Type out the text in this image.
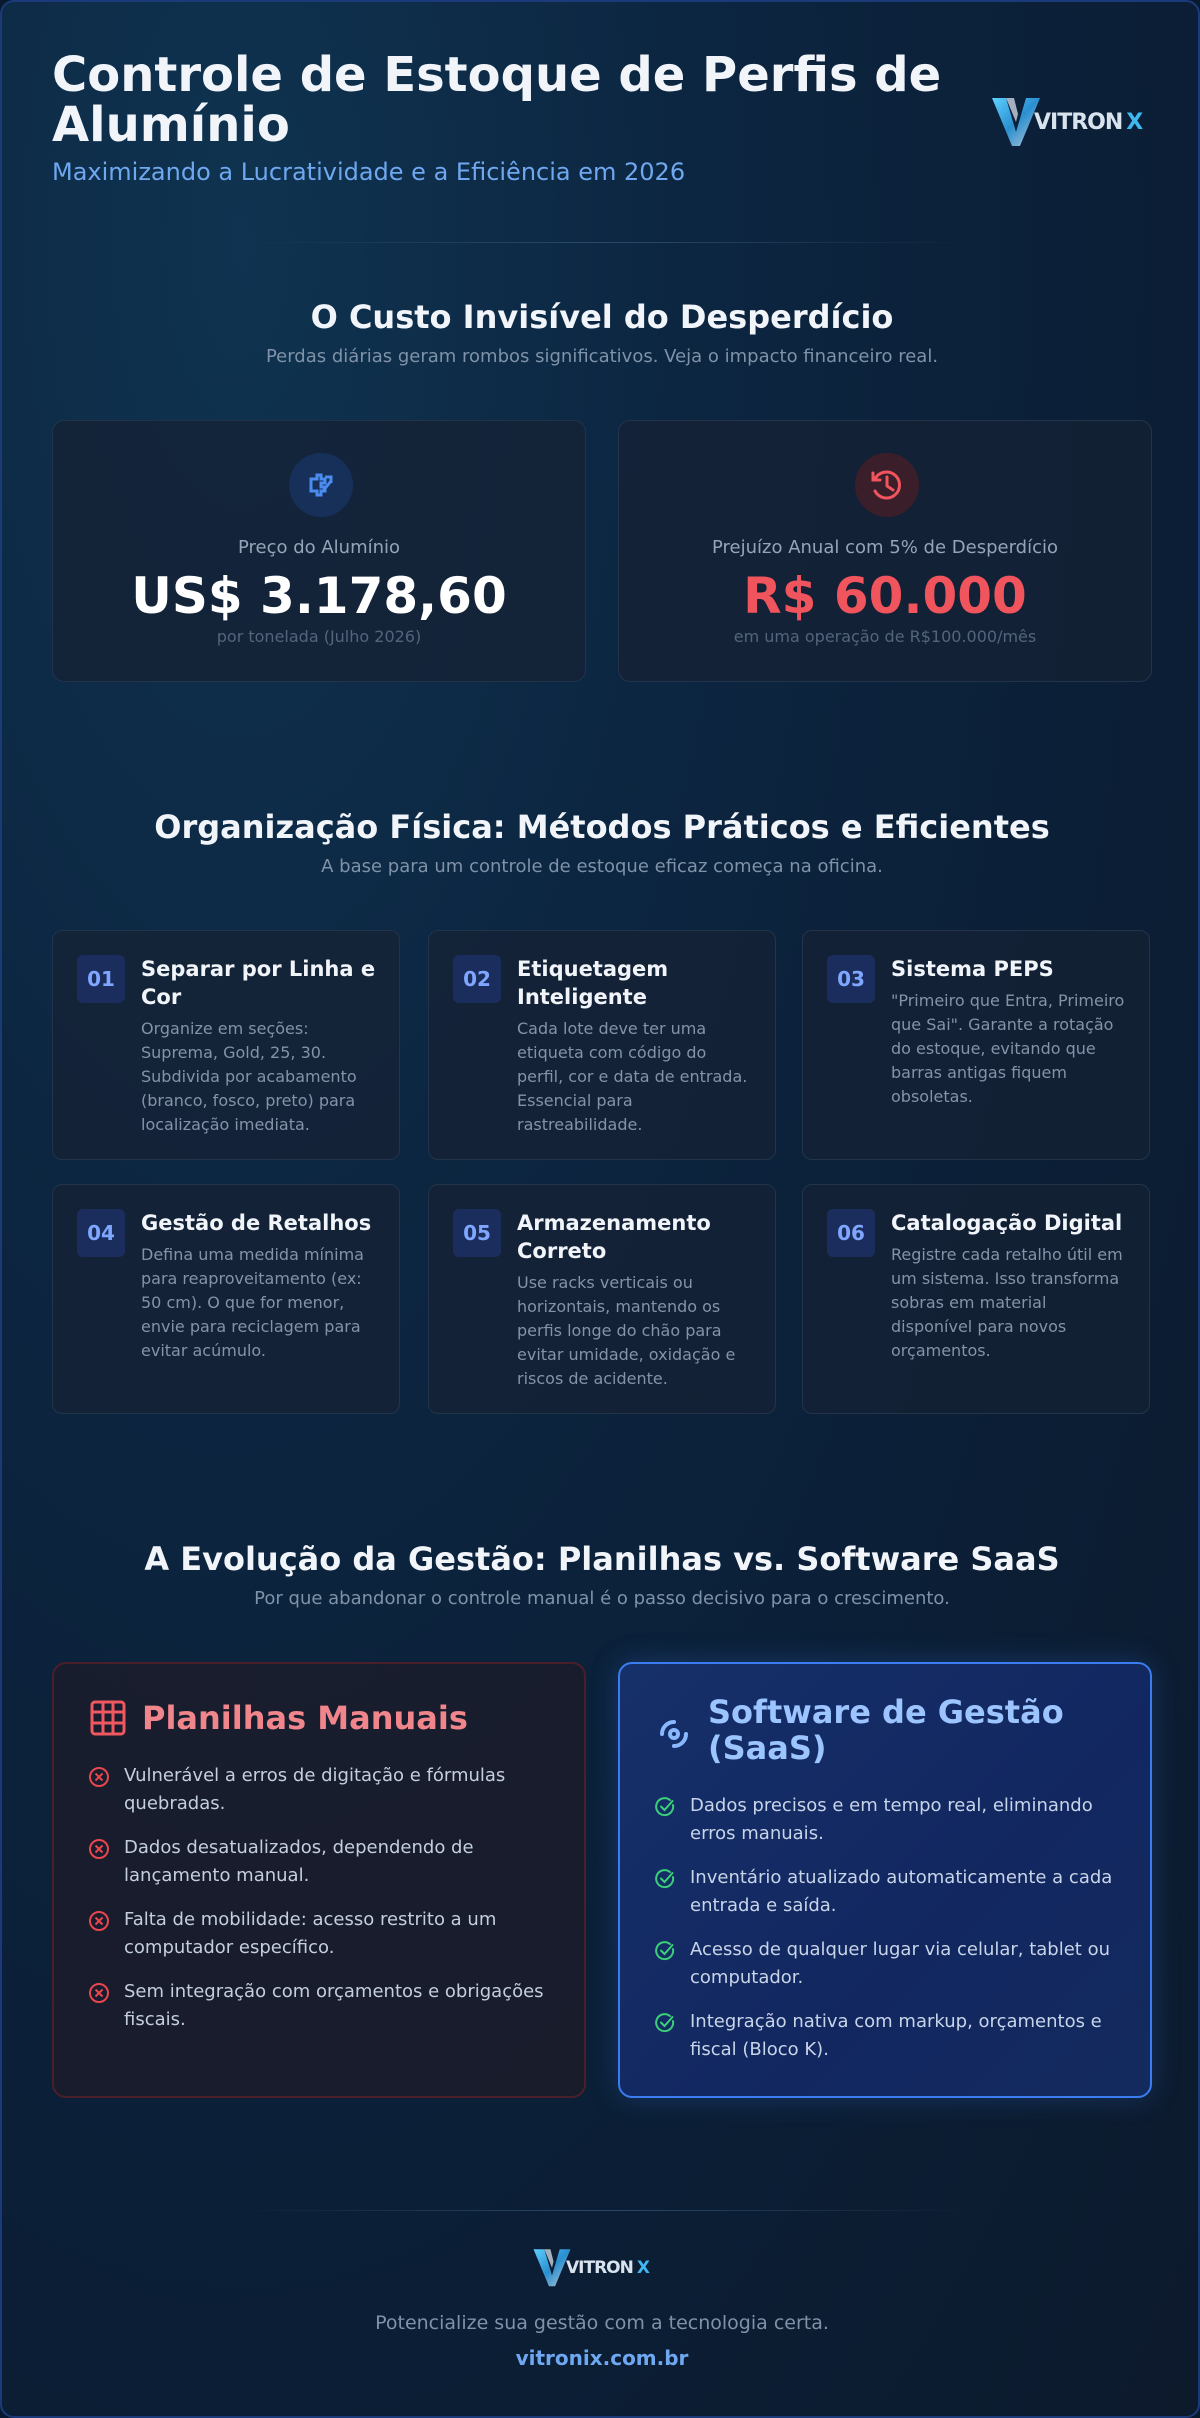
Controle de Estoque de Perfis de Alumínio
Maximizando a Lucratividade e a Eficiência em 2026
VITRON X
O Custo Invisível do Desperdício
Perdas diárias geram rombos significativos. Veja o impacto financeiro real.
Preço do Alumínio
US$ 3.178,60
por tonelada (Julho 2026)
Prejuízo Anual com 5% de Desperdício
R$ 60.000
em uma operação de R$100.000/mês
Organização Física: Métodos Práticos e Eficientes
A base para um controle de estoque eficaz começa na oficina.
01	Separar por Linha e Cor
Organize em seções: Suprema, Gold, 25, 30. Subdivida por acabamento (branco, fosco, preto) para localização imediata.
02	Etiquetagem Inteligente
Cada lote deve ter uma etiqueta com código do perfil, cor e data de entrada. Essencial para rastreabilidade.
03	Sistema PEPS
"Primeiro que Entra, Primeiro que Sai". Garante a rotação do estoque, evitando que barras antigas fiquem obsoletas.
04	Gestão de Retalhos
Defina uma medida mínima para reaproveitamento (ex: 50 cm). O que for menor, envie para reciclagem para evitar acúmulo.
05	Armazenamento Correto
Use racks verticais ou horizontais, mantendo os perfis longe do chão para evitar umidade, oxidação e riscos de acidente.
06	Catalogação Digital
Registre cada retalho útil em um sistema. Isso transforma sobras em material disponível para novos orçamentos.
A Evolução da Gestão: Planilhas vs. Software SaaS
Por que abandonar o controle manual é o passo decisivo para o crescimento.
Planilhas Manuais
Vulnerável a erros de digitação e fórmulas quebradas.
Dados desatualizados, dependendo de lançamento manual.
Falta de mobilidade: acesso restrito a um computador específico.
Sem integração com orçamentos e obrigações fiscais.
Software de Gestão (SaaS)
Dados precisos e em tempo real, eliminando erros manuais.
Inventário atualizado automaticamente a cada entrada e saída.
Acesso de qualquer lugar via celular, tablet ou computador.
Integração nativa com markup, orçamentos e fiscal (Bloco K).
VITRON X
Potencialize sua gestão com a tecnologia certa.
vitronix.com.br
